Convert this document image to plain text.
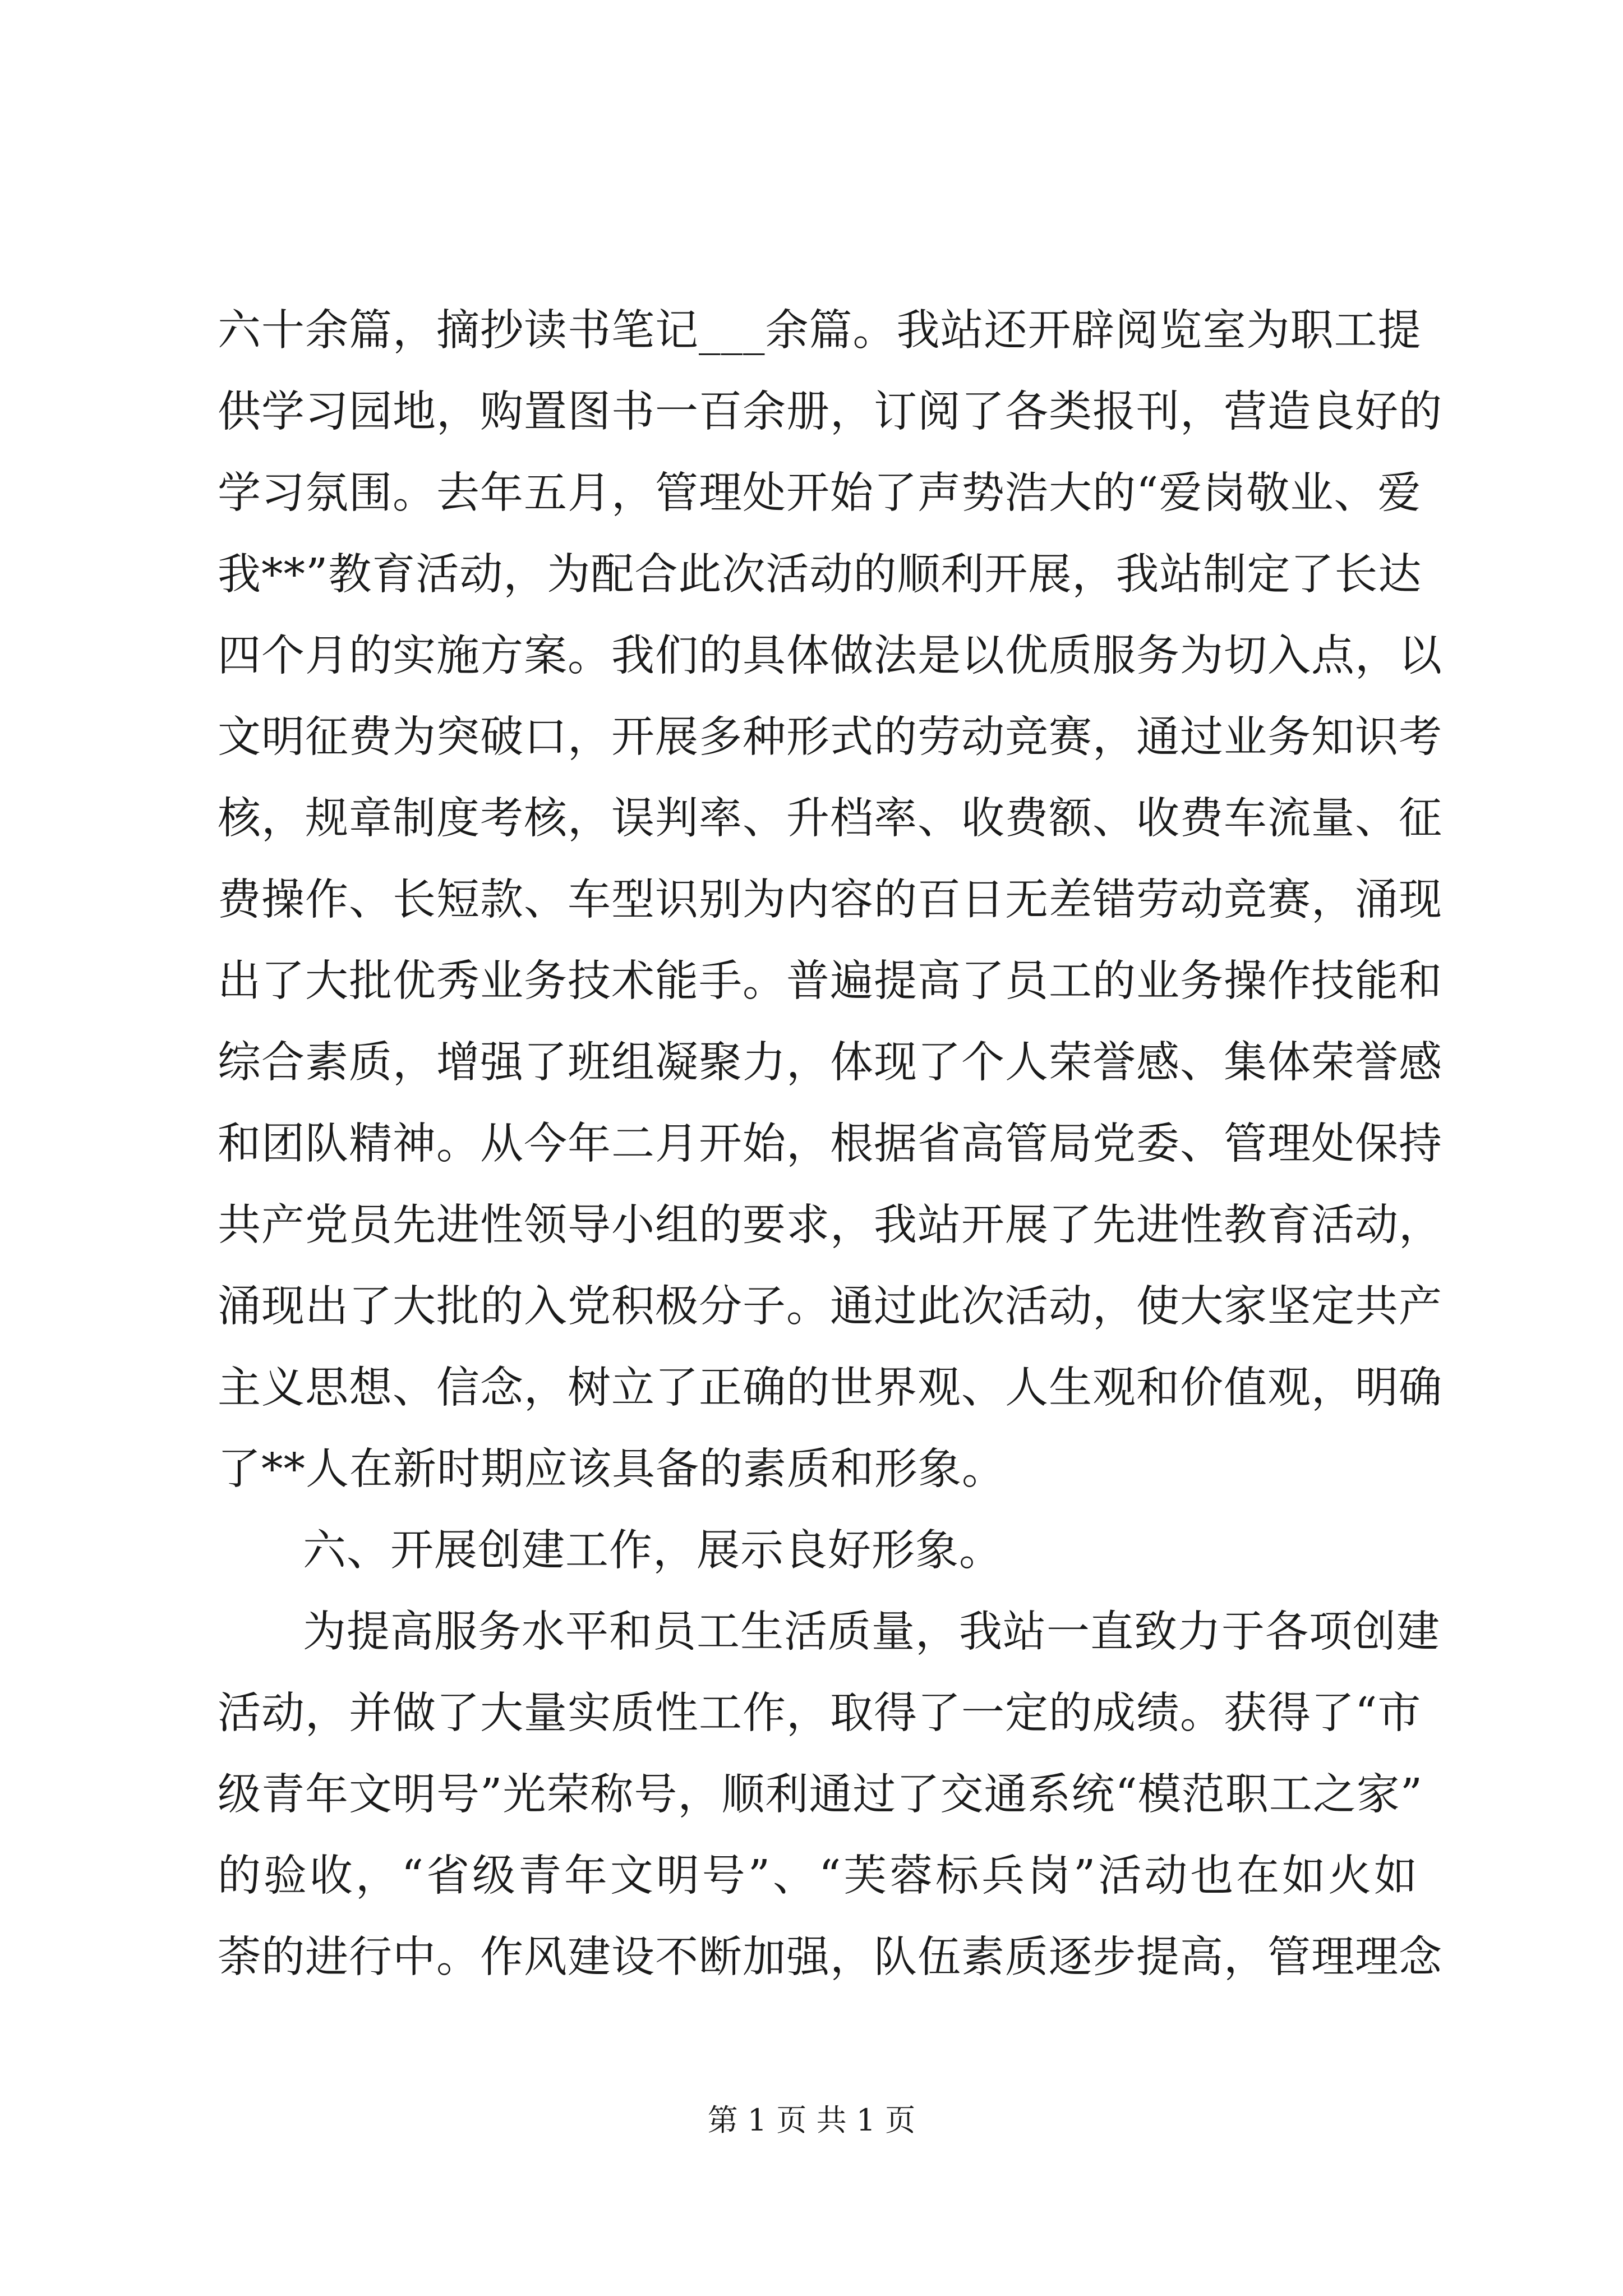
六十余篇，摘抄读书笔记___余篇。我站还开辟阅览室为职工提
供学习园地，购置图书一百余册，订阅了各类报刊，营造良好的
学习氛围。去年五月，管理处开始了声势浩大的“爱岗敬业、爱
我**”教育活动，为配合此次活动的顺利开展，我站制定了长达
四个月的实施方案。我们的具体做法是以优质服务为切入点，以
文明征费为突破口，开展多种形式的劳动竞赛，通过业务知识考
核，规章制度考核，误判率、升档率、收费额、收费车流量、征
费操作、长短款、车型识别为内容的百日无差错劳动竞赛，涌现
出了大批优秀业务技术能手。普遍提高了员工的业务操作技能和
综合素质，增强了班组凝聚力，体现了个人荣誉感、集体荣誉感
和团队精神。从今年二月开始，根据省高管局党委、管理处保持
共产党员先进性领导小组的要求，我站开展了先进性教育活动，
涌现出了大批的入党积极分子。通过此次活动，使大家坚定共产
主义思想、信念，树立了正确的世界观、人生观和价值观，明确
了**人在新时期应该具备的素质和形象。
六、开展创建工作，展示良好形象。
为提高服务水平和员工生活质量，我站一直致力于各项创建
活动，并做了大量实质性工作，取得了一定的成绩。获得了“市
级青年文明号”光荣称号，顺利通过了交通系统“模范职工之家”
的验收，“省级青年文明号”、“芙蓉标兵岗”活动也在如火如
荼的进行中。作风建设不断加强，队伍素质逐步提高，管理理念
第 1 页 共 1 页
